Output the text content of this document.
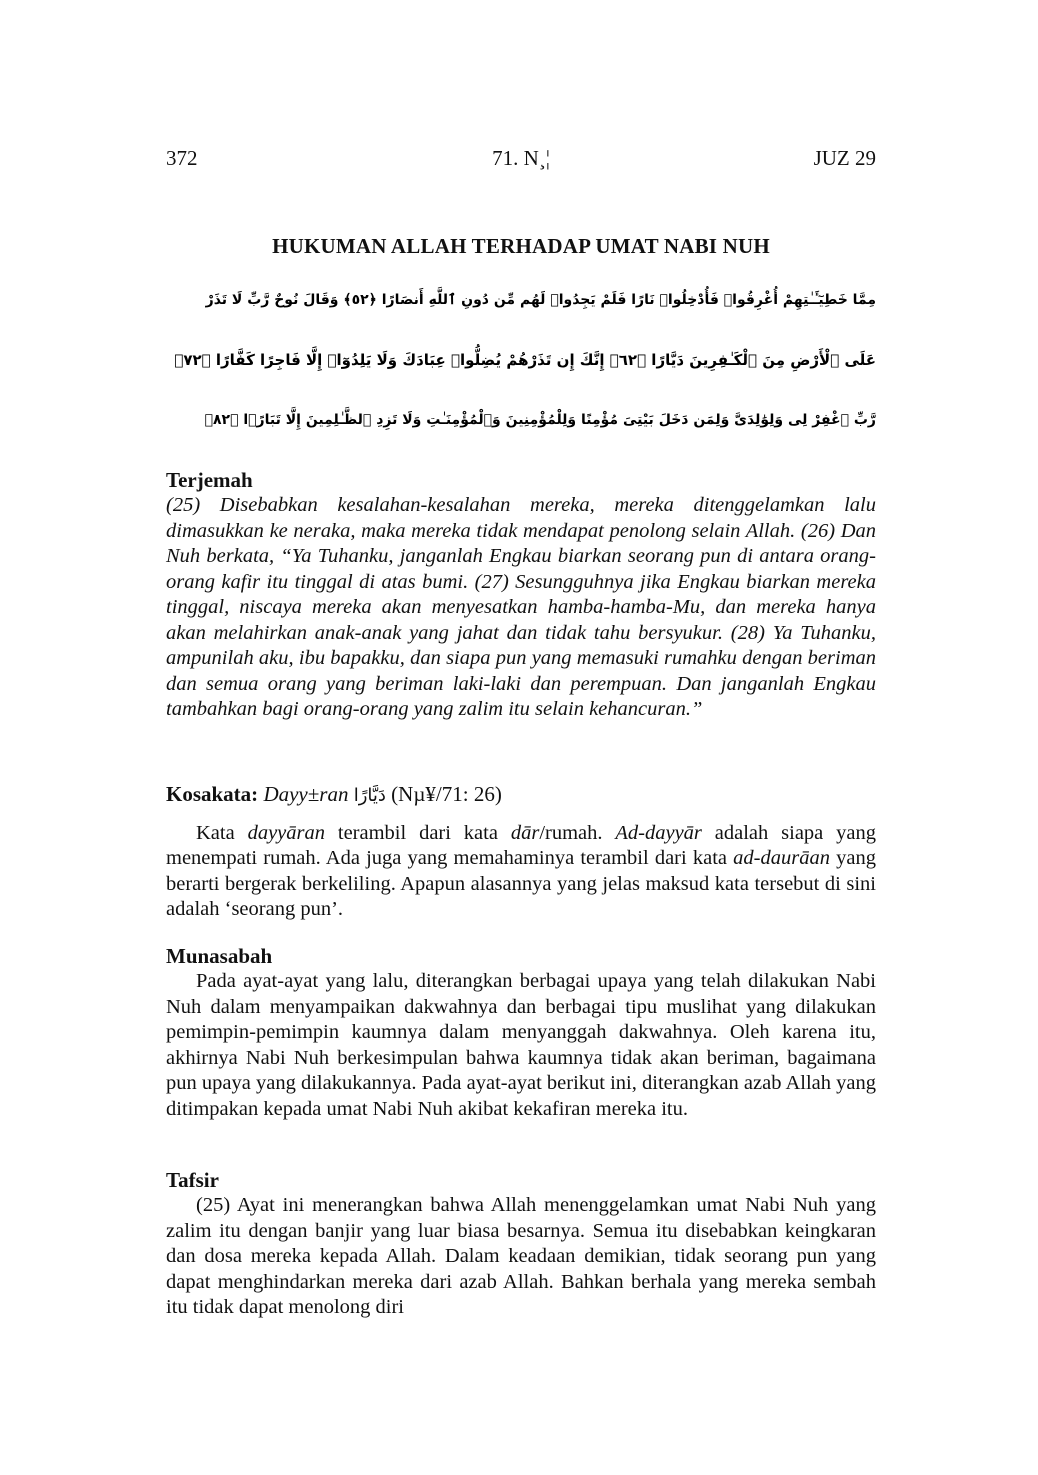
372	71. N¸¦	JUZ 29
HUKUMAN ALLAH TERHADAP UMAT NABI NUH
مِمَّا خَطِيٓـَٔـٰتِهِمْ أُغْرِقُوا۟ فَأُدْخِلُوا۟ نَارًا فَلَمْ يَجِدُوا۟ لَهُم مِّن دُونِ ٱللَّهِ أَنصَارًا ﴿٢٥﴾ وَقَالَ نُوحٌ رَّبِّ لَا تَذَرْ
عَلَى ٱلْأَرْضِ مِنَ ٱلْكَـٰفِرِينَ دَيَّارًا ﴿٢٦﴾ إِنَّكَ إِن تَذَرْهُمْ يُضِلُّوا۟ عِبَادَكَ وَلَا يَلِدُوٓا۟ إِلَّا فَاجِرًا كَفَّارًا ﴿٢٧﴾
رَّبِّ ٱغْفِرْ لِى وَلِوَٰلِدَىَّ وَلِمَن دَخَلَ بَيْتِىَ مُؤْمِنًا وَلِلْمُؤْمِنِينَ وَٱلْمُؤْمِنَـٰتِ وَلَا تَزِدِ ٱلظَّـٰلِمِينَ إِلَّا تَبَارًۢا ﴿٢٨﴾

Terjemah

(25) Disebabkan kesalahan-kesalahan mereka, mereka ditenggelamkan lalu dimasukkan ke neraka, maka mereka tidak mendapat penolong selain Allah. (26) Dan Nuh berkata, “Ya Tuhanku, janganlah Engkau biarkan seorang pun di antara orang-orang kafir itu tinggal di atas bumi. (27) Sesungguhnya jika Engkau biarkan mereka tinggal, niscaya mereka akan menyesatkan hamba-hamba-Mu, dan mereka hanya akan melahirkan anak-anak yang jahat dan tidak tahu bersyukur. (28) Ya Tuhanku, ampunilah aku, ibu bapakku, dan siapa pun yang memasuki rumahku dengan beriman dan semua orang yang beriman laki-laki dan perempuan. Dan janganlah Engkau tambahkan bagi orang-orang yang zalim itu selain kehancuran.”

Kosakata: Dayy±ran دَيَّارًا (Nµ¥/71: 26)

Kata dayyāran terambil dari kata dār/rumah. Ad-dayyār adalah siapa yang menempati rumah. Ada juga yang memahaminya terambil dari kata ad-daurāan yang berarti bergerak berkeliling. Apapun alasannya yang jelas maksud kata tersebut di sini adalah ‘seorang pun’.

Munasabah

Pada ayat-ayat yang lalu, diterangkan berbagai upaya yang telah dilakukan Nabi Nuh dalam menyampaikan dakwahnya dan berbagai tipu muslihat yang dilakukan pemimpin-pemimpin kaumnya dalam menyanggah dakwahnya. Oleh karena itu, akhirnya Nabi Nuh berkesimpulan bahwa kaumnya tidak akan beriman, bagaimana pun upaya yang dilakukannya. Pada ayat-ayat berikut ini, diterangkan azab Allah yang ditimpakan kepada umat Nabi Nuh akibat kekafiran mereka itu.

Tafsir

(25) Ayat ini menerangkan bahwa Allah menenggelamkan umat Nabi Nuh yang zalim itu dengan banjir yang luar biasa besarnya. Semua itu disebabkan keingkaran dan dosa mereka kepada Allah. Dalam keadaan demikian, tidak seorang pun yang dapat menghindarkan mereka dari azab Allah. Bahkan berhala yang mereka sembah itu tidak dapat menolong diri
